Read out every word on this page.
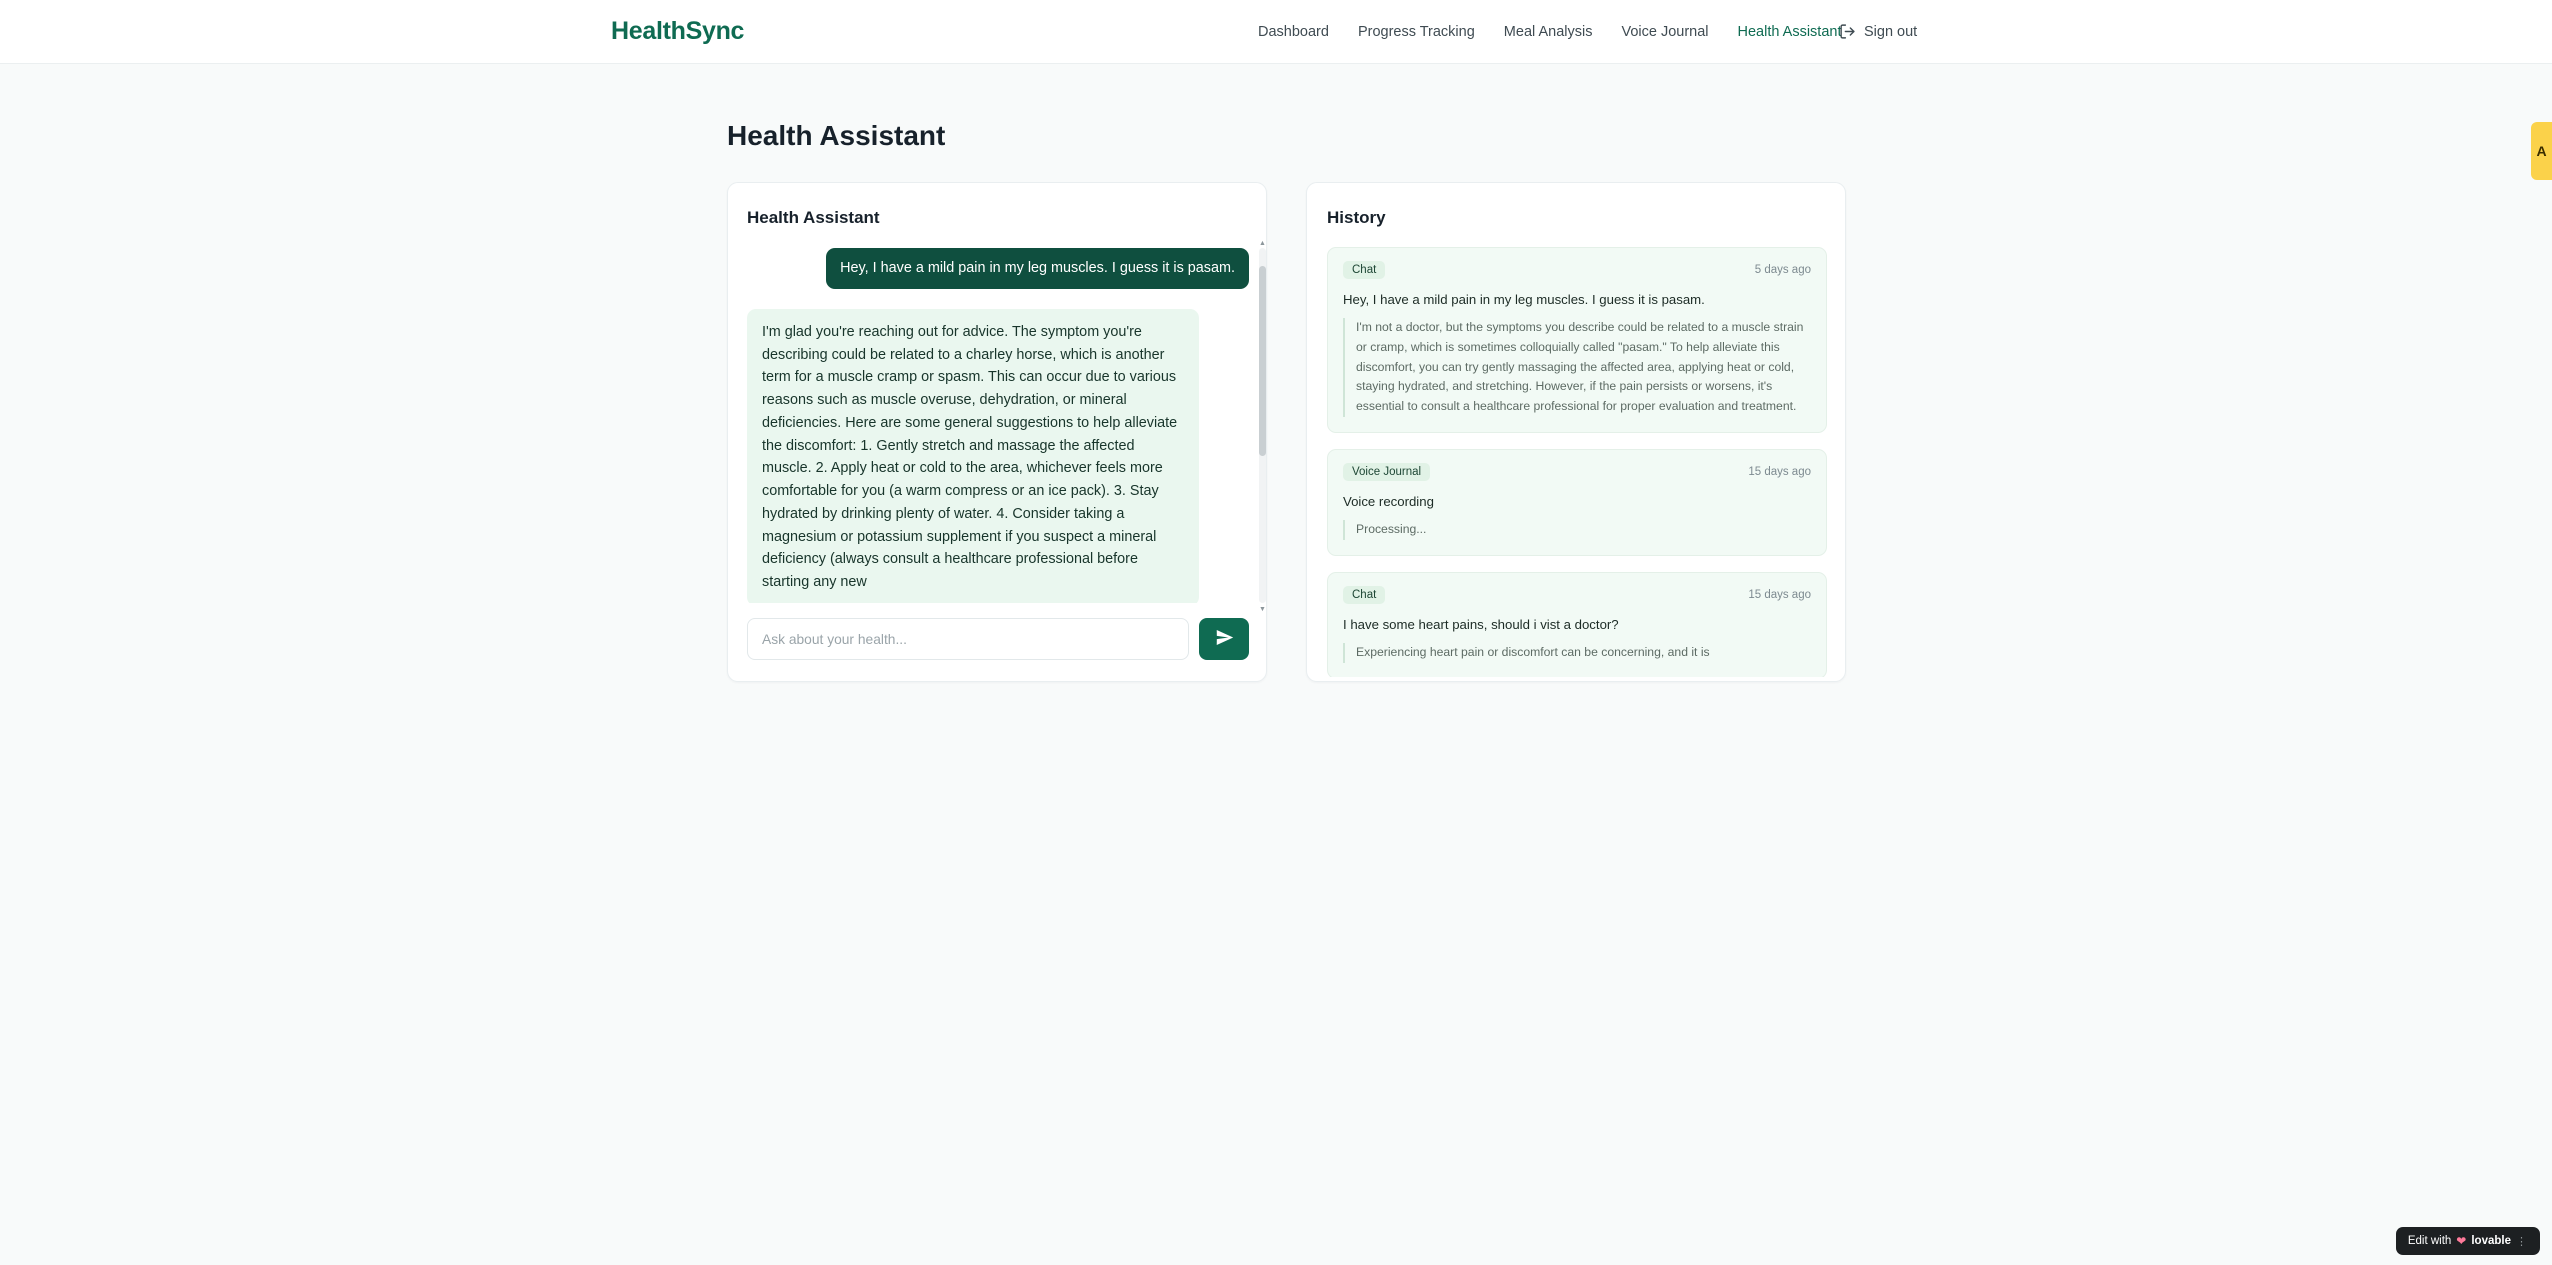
HealthSync	Dashboard Progress Tracking Meal Analysis Voice Journal Health Assistant Sign out
Health Assistant
Health Assistant
Hey, I have a mild pain in my leg muscles. I guess it is pasam.
I'm glad you're reaching out for advice. The symptom you're describing could be related to a charley horse, which is another term for a muscle cramp or spasm. This can occur due to various reasons such as muscle overuse, dehydration, or mineral deficiencies. Here are some general suggestions to help alleviate the discomfort: 1. Gently stretch and massage the affected muscle. 2. Apply heat or cold to the area, whichever feels more comfortable for you (a warm compress or an ice pack). 3. Stay hydrated by drinking plenty of water. 4. Consider taking a magnesium or potassium supplement if you suspect a mineral deficiency (always consult a healthcare professional before starting any new
▲
▼
Ask about your health...
History
Chat	5 days ago
Hey, I have a mild pain in my leg muscles. I guess it is pasam.
I'm not a doctor, but the symptoms you describe could be related to a muscle strain or cramp, which is sometimes colloquially called "pasam." To help alleviate this discomfort, you can try gently massaging the affected area, applying heat or cold, staying hydrated, and stretching. However, if the pain persists or worsens, it's essential to consult a healthcare professional for proper evaluation and treatment.
Voice Journal	15 days ago
Voice recording
Processing...
Chat	15 days ago
I have some heart pains, should i vist a doctor?
Experiencing heart pain or discomfort can be concerning, and it is
A
Edit with ❤ lovable ⋮
